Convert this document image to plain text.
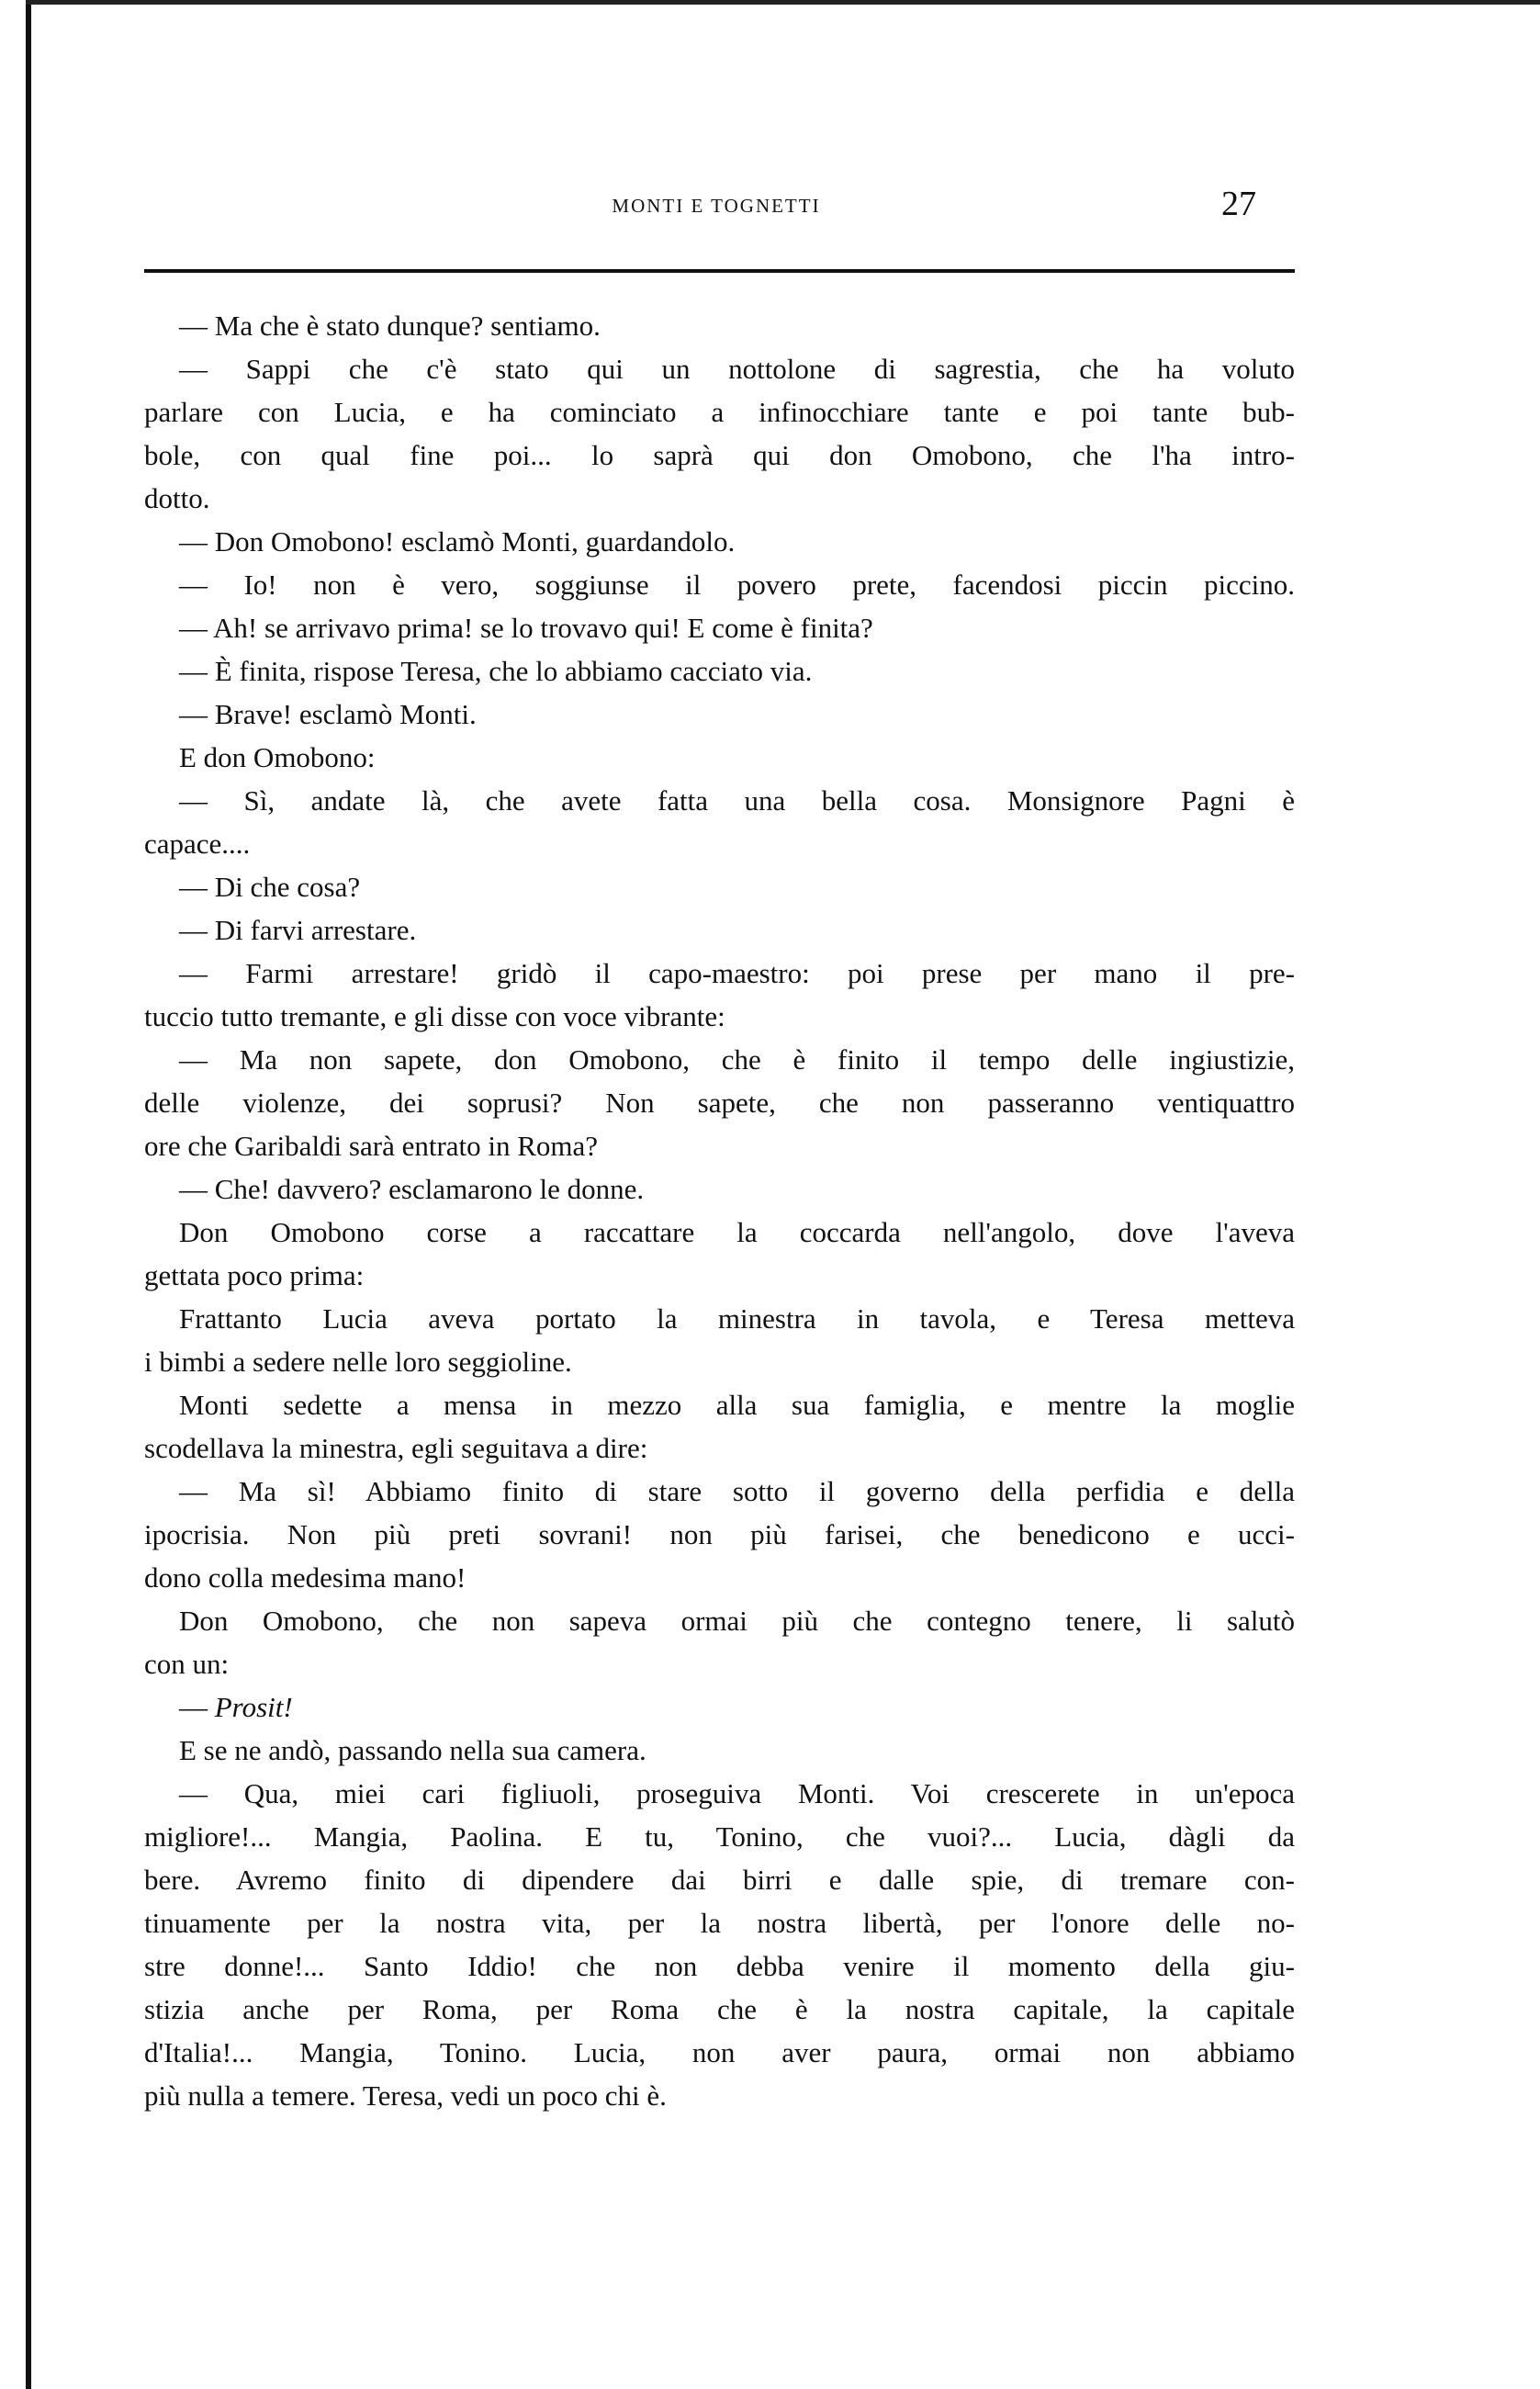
MONTI E TOGNETTI	27
— Ma che è stato dunque? sentiamo.
— Sappi che c'è stato qui un nottolone di sagrestia, che ha voluto
parlare con Lucia, e ha cominciato a infinocchiare tante e poi tante bub-
bole, con qual fine poi... lo saprà qui don Omobono, che l'ha intro-
dotto.
— Don Omobono! esclamò Monti, guardandolo.
— Io! non è vero, soggiunse il povero prete, facendosi piccin piccino.
— Ah! se arrivavo prima! se lo trovavo qui! E come è finita?
— È finita, rispose Teresa, che lo abbiamo cacciato via.
— Brave! esclamò Monti.
E don Omobono:
— Sì, andate là, che avete fatta una bella cosa. Monsignore Pagni è
capace....
— Di che cosa?
— Di farvi arrestare.
— Farmi arrestare! gridò il capo-maestro: poi prese per mano il pre-
tuccio tutto tremante, e gli disse con voce vibrante:
— Ma non sapete, don Omobono, che è finito il tempo delle ingiustizie,
delle violenze, dei soprusi? Non sapete, che non passeranno ventiquattro
ore che Garibaldi sarà entrato in Roma?
— Che! davvero? esclamarono le donne.
Don Omobono corse a raccattare la coccarda nell'angolo, dove l'aveva
gettata poco prima:
Frattanto Lucia aveva portato la minestra in tavola, e Teresa metteva
i bimbi a sedere nelle loro seggioline.
Monti sedette a mensa in mezzo alla sua famiglia, e mentre la moglie
scodellava la minestra, egli seguitava a dire:
— Ma sì! Abbiamo finito di stare sotto il governo della perfidia e della
ipocrisia. Non più preti sovrani! non più farisei, che benedicono e ucci-
dono colla medesima mano!
Don Omobono, che non sapeva ormai più che contegno tenere, li salutò
con un:
— Prosit!
E se ne andò, passando nella sua camera.
— Qua, miei cari figliuoli, proseguiva Monti. Voi crescerete in un'epoca
migliore!... Mangia, Paolina. E tu, Tonino, che vuoi?... Lucia, dàgli da
bere. Avremo finito di dipendere dai birri e dalle spie, di tremare con-
tinuamente per la nostra vita, per la nostra libertà, per l'onore delle no-
stre donne!... Santo Iddio! che non debba venire il momento della giu-
stizia anche per Roma, per Roma che è la nostra capitale, la capitale
d'Italia!... Mangia, Tonino. Lucia, non aver paura, ormai non abbiamo
più nulla a temere. Teresa, vedi un poco chi è.
